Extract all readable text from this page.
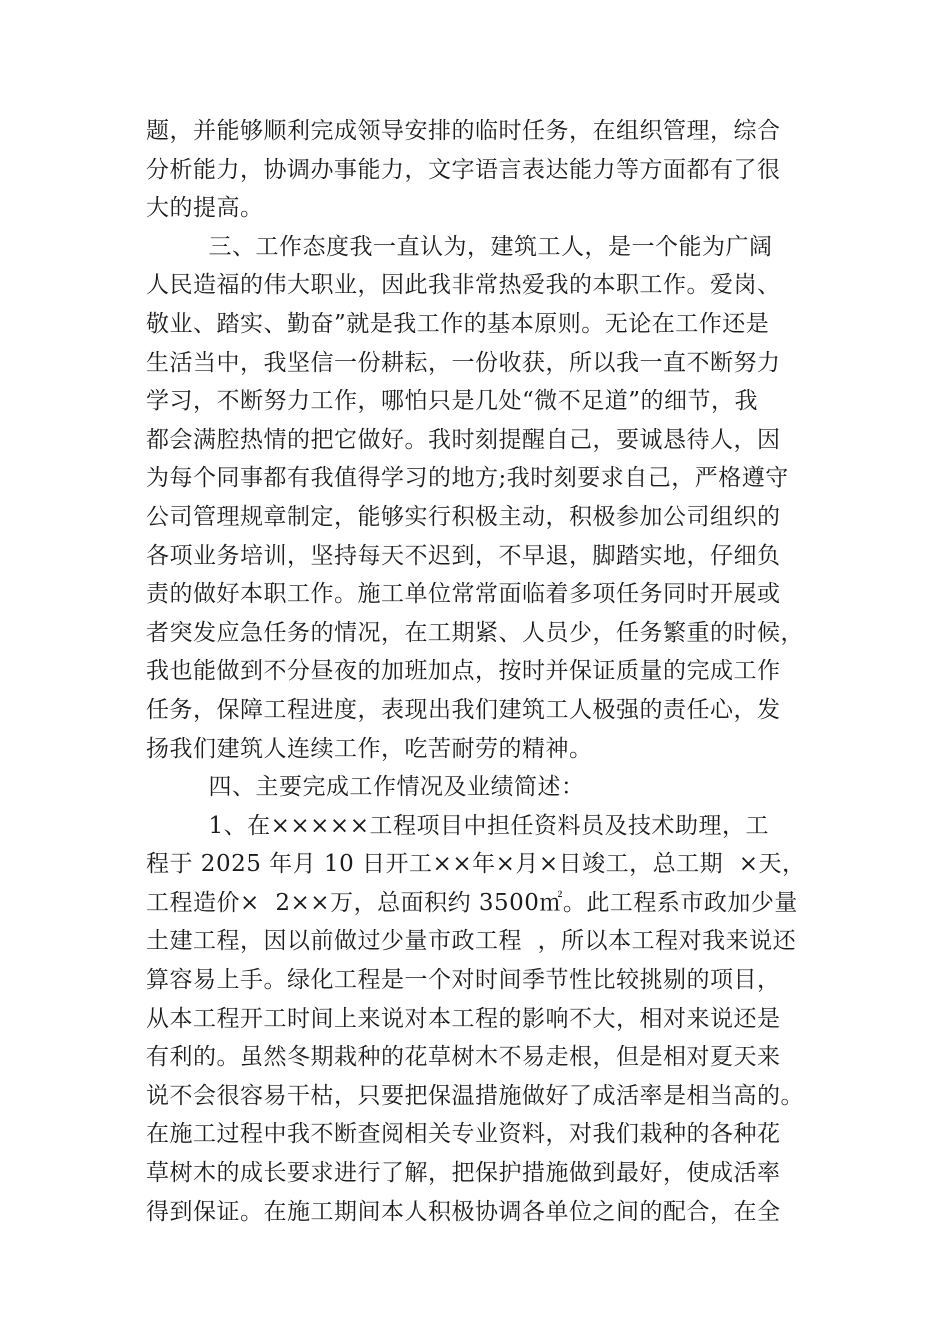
题，并能够顺利完成领导安排的临时任务，在组织管理，综合
分析能力，协调办事能力，文字语言表达能力等方面都有了很
大的提高。
三、工作态度我一直认为，建筑工人，是一个能为广阔
人民造福的伟大职业，因此我非常热爱我的本职工作。爱岗、
敬业、踏实、勤奋”就是我工作的基本原则。无论在工作还是
生活当中，我坚信一份耕耘，一份收获，所以我一直不断努力
学习，不断努力工作，哪怕只是几处“微不足道”的细节，我
都会满腔热情的把它做好。我时刻提醒自己，要诚恳待人，因
为每个同事都有我值得学习的地方;我时刻要求自己，严格遵守
公司管理规章制定，能够实行积极主动，积极参加公司组织的
各项业务培训，坚持每天不迟到，不早退，脚踏实地，仔细负
责的做好本职工作。施工单位常常面临着多项任务同时开展或
者突发应急任务的情况，在工期紧、人员少，任务繁重的时候，
我也能做到不分昼夜的加班加点，按时并保证质量的完成工作
任务，保障工程进度，表现出我们建筑工人极强的责任心，发
扬我们建筑人连续工作，吃苦耐劳的精神。
四、主要完成工作情况及业绩简述：
1、在×××××工程项目中担任资料员及技术助理，工
程于 2025 年月 10 日开工××年×月×日竣工，总工期  ×天，
工程造价×  2××万，总面积约 3500㎡。此工程系市政加少量
土建工程，因以前做过少量市政工程  ，所以本工程对我来说还
算容易上手。绿化工程是一个对时间季节性比较挑剔的项目，
从本工程开工时间上来说对本工程的影响不大，相对来说还是
有利的。虽然冬期栽种的花草树木不易走根，但是相对夏天来
说不会很容易干枯，只要把保温措施做好了成活率是相当高的。
在施工过程中我不断查阅相关专业资料，对我们栽种的各种花
草树木的成长要求进行了解，把保护措施做到最好，使成活率
得到保证。在施工期间本人积极协调各单位之间的配合，在全
